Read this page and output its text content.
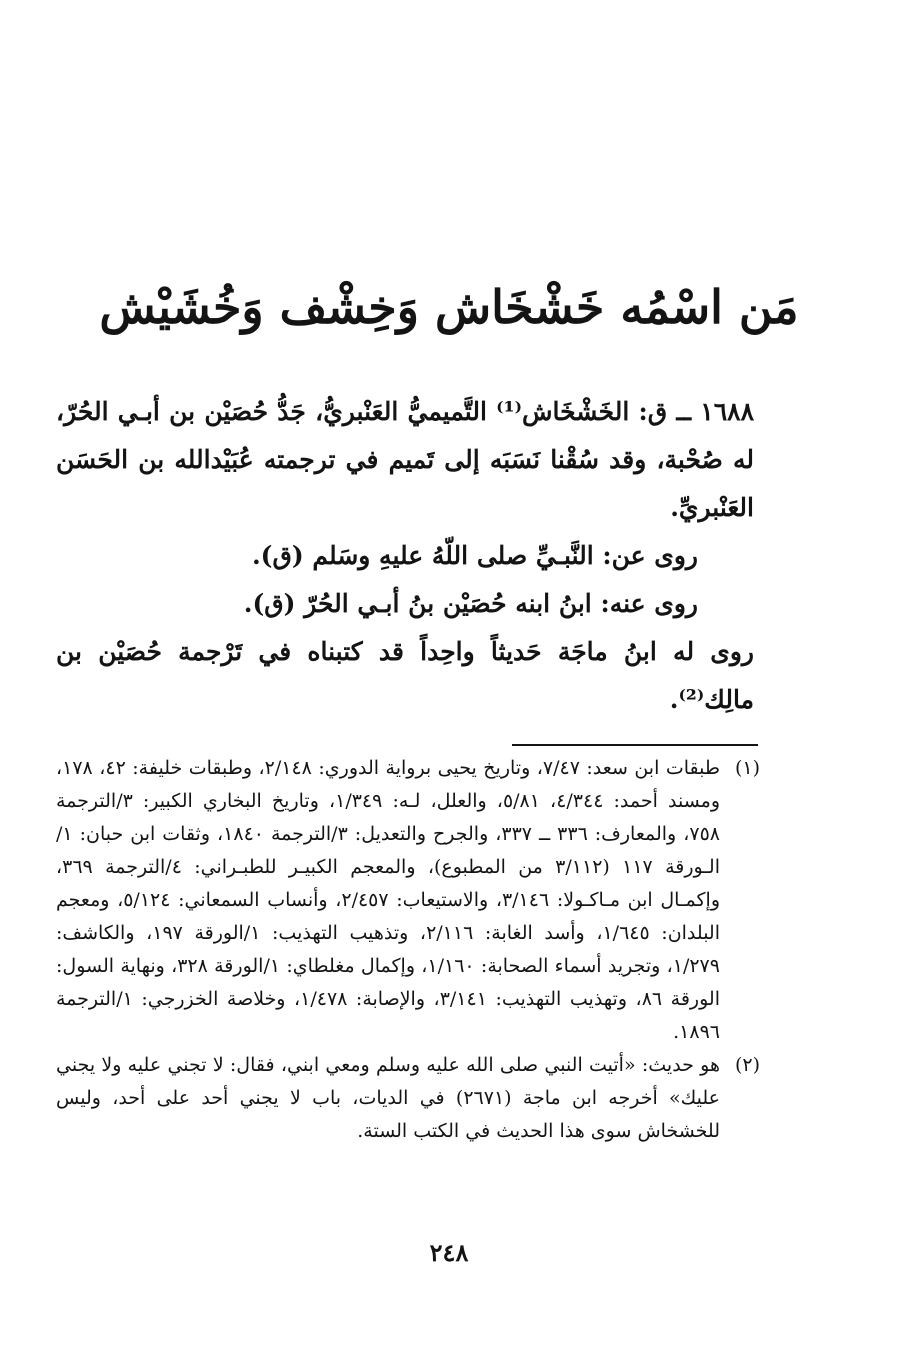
مَن اسْمُه خَشْخَاش وَخِشْف وَخُشَيْش

١٦٨٨ ــ ق: الخَشْخَاش⁽¹⁾ التَّميميُّ العَنْبريُّ، جَدُّ حُصَيْن بن أبـي الحُرّ، له صُحْبة، وقد سُقْنا نَسَبَه إلى تَميم في ترجمته عُبَيْدالله بن الحَسَن العَنْبريِّ.

روى عن: النَّبـيِّ صلى اللّهُ عليهِ وسَلم (ق).

روى عنه: ابنُ ابنه حُصَيْن بنُ أبـي الحُرّ (ق).

روى له ابنُ ماجَة حَديثاً واحِداً قد كتبناه في تَرْجمة حُصَيْن بن مالِك⁽²⁾.

(١)
طبقات ابن سعد: ٧/٤٧، وتاريخ يحيى برواية الدوري: ٢/١٤٨، وطبقات خليفة: ٤٢، ١٧٨، ومسند أحمد: ٤/٣٤٤، ٥/٨١، والعلل، لـه: ١/٣٤٩، وتاريخ البخاري الكبير: ٣/الترجمة ٧٥٨، والمعارف: ٣٣٦ ــ ٣٣٧، والجرح والتعديل: ٣/الترجمة ١٨٤٠، وثقات ابن حبان: ١/الـورقة ١١٧ (٣/١١٢ من المطبوع)، والمعجم الكبيـر للطبـراني: ٤/الترجمة ٣٦٩، وإكمـال ابن مـاكـولا: ٣/١٤٦، والاستيعاب: ٢/٤٥٧، وأنساب السمعاني: ٥/١٢٤، ومعجم البلدان: ١/٦٤٥، وأسد الغابة: ٢/١١٦، وتذهيب التهذيب: ١/الورقة ١٩٧، والكاشف: ١/٢٧٩، وتجريد أسماء الصحابة: ١/١٦٠، وإكمال مغلطاي: ١/الورقة ٣٢٨، ونهاية السول: الورقة ٨٦، وتهذيب التهذيب: ٣/١٤١، والإصابة: ١/٤٧٨، وخلاصة الخزرجي: ١/الترجمة ١٨٩٦.
(٢)
هو حديث: «أتيت النبي صلى الله عليه وسلم ومعي ابني، فقال: لا تجني عليه ولا يجني عليك» أخرجه ابن ماجة (٢٦٧١) في الديات، باب لا يجني أحد على أحد، وليس للخشخاش سوى هذا الحديث في الكتب الستة.
٢٤٨
